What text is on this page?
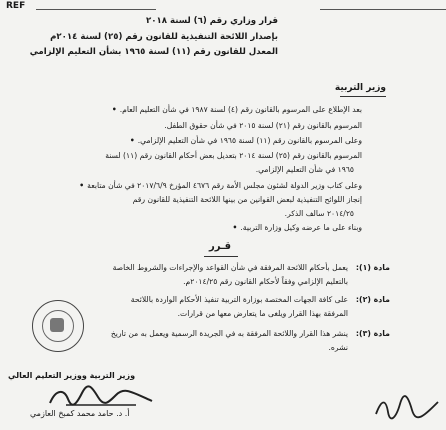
REF
قرار وزاري رقم (٦) لسنة ٢٠١٨
بإصدار اللائحة التنفيذية للقانون رقم (٢٥) لسنة ٢٠١٤م
المعدل للقانون رقم (١١) لسنة ١٩٦٥ بشأن التعليم الإلزامي
وزير التربية
بعد الإطلاع على المرسوم بالقانون رقم (٤) لسنة ١٩٨٧ في شأن التعليم العام. •
المرسوم بالقانون رقم (٢١) لسنة ٢٠١٥ في شأن حقوق الطفل.
وعلى المرسوم بالقانون رقم (١١) لسنة ١٩٦٥ في شأن التعليم الإلزامي. •
المرسوم بالقانون رقم (٢٥) لسنة ٢٠١٤ بتعديل بعض أحكام القانون رقم (١١) لسنة
١٩٦٥ في شأن التعليم الإلزامي.
وعلى كتاب وزير الدولة لشئون مجلس الأمة رقم ٤٦٧٦ المؤرخ ٢٠١٧/٦/٩ في شأن متابعة •
إنجاز اللوائح التنفيذية لبعض القوانين من بينها اللائحة التنفيذية للقانون رقم
٢٠١٤/٢٥ سالف الذكر.
وبناء على ما عرضه وكيل وزارة التربية. •
قـرر
مادة (١):
يعمل بأحكام اللائحة المرفقة في شأن القواعد والإجراءات والشروط الخاصة
بالتعليم الإلزامي وفقاً لأحكام القانون رقم ٢٠١٤/٢٥م.
مادة (٢):
على كافة الجهات المختصة بوزارة التربية تنفيذ الأحكام الواردة باللائحة
المرفقة بهذا القرار ويلغى ما يتعارض معها من قرارات.
مادة (٣):
ينشر هذا القرار واللائحة المرفقة به في الجريدة الرسمية ويعمل به من تاريخ
نشره.
وزير التربية ووزير التعليم العالي
أ. د. حامد محمد كمبخ العازمي
